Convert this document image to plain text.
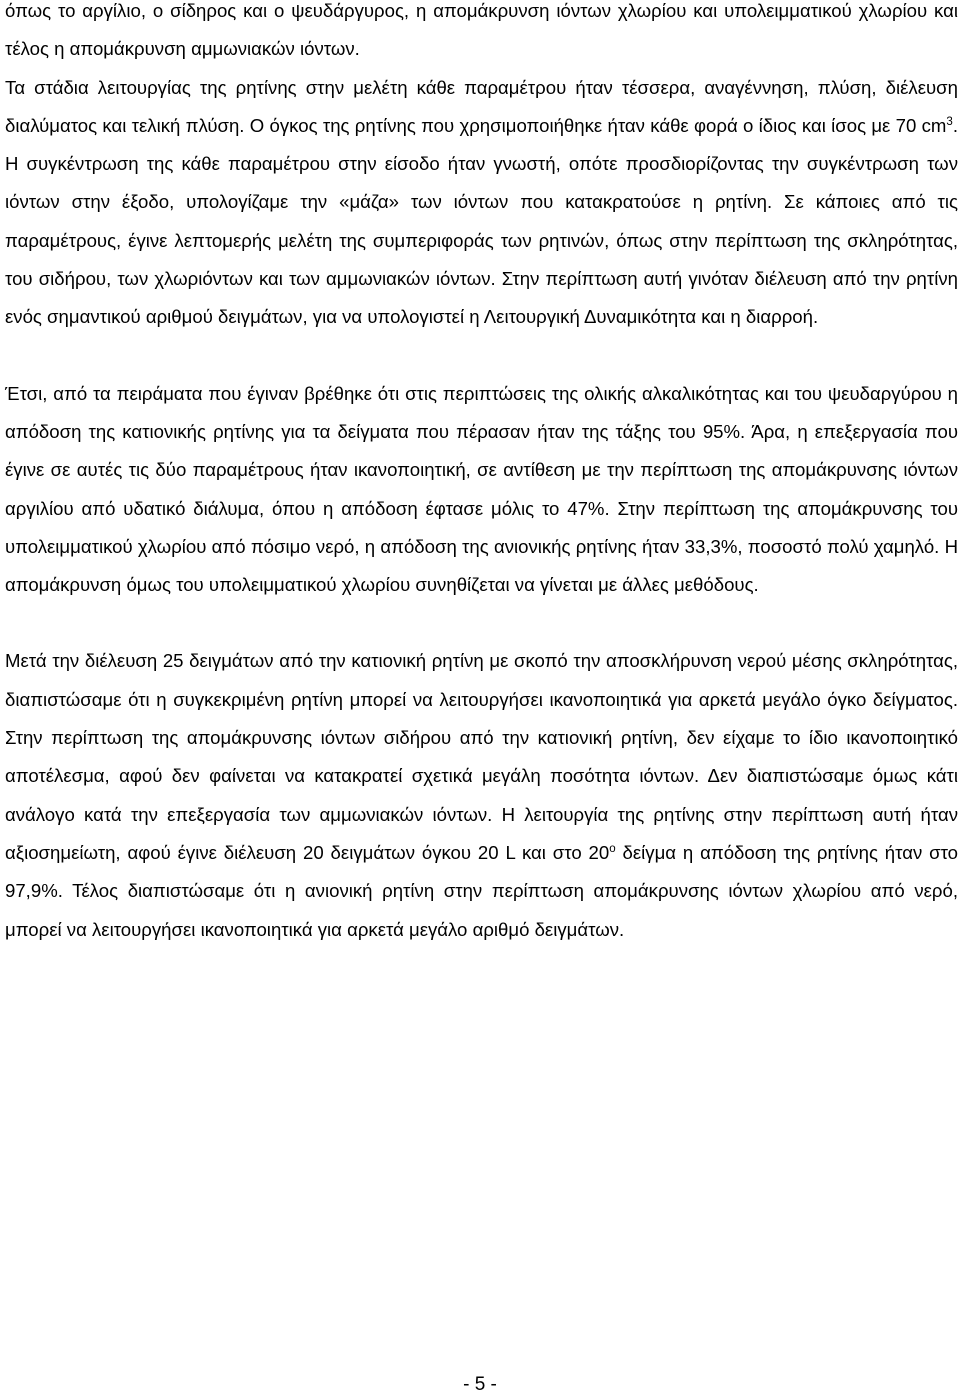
όπως το αργίλιο, ο σίδηρος και ο ψευδάργυρος, η απομάκρυνση ιόντων χλωρίου και υπολειμματικού χλωρίου και τέλος η απομάκρυνση αμμωνιακών ιόντων.

Τα στάδια λειτουργίας της ρητίνης στην μελέτη κάθε παραμέτρου ήταν τέσσερα, αναγέννηση, πλύση, διέλευση διαλύματος και τελική πλύση. Ο όγκος της ρητίνης που χρησιμοποιήθηκε ήταν κάθε φορά ο ίδιος και ίσος με 70 $cm^3$. Η συγκέντρωση της κάθε παραμέτρου στην είσοδο ήταν γνωστή, οπότε προσδιορίζοντας την συγκέντρωση των ιόντων στην έξοδο, υπολογίζαμε την «μάζα» των ιόντων που κατακρατούσε η ρητίνη. Σε κάποιες από τις παραμέτρους, έγινε λεπτομερής μελέτη της συμπεριφοράς των ρητινών, όπως στην περίπτωση της σκληρότητας, του σιδήρου, των χλωριόντων και των αμμωνιακών ιόντων. Στην περίπτωση αυτή γινόταν διέλευση από την ρητίνη ενός σημαντικού αριθμού δειγμάτων, για να υπολογιστεί η Λειτουργική Δυναμικότητα και η διαρροή.

Έτσι, από τα πειράματα που έγιναν βρέθηκε ότι στις περιπτώσεις της ολικής αλκαλικότητας και του ψευδαργύρου η απόδοση της κατιονικής ρητίνης για τα δείγματα που πέρασαν ήταν της τάξης του 95%. Άρα, η επεξεργασία που έγινε σε αυτές τις δύο παραμέτρους ήταν ικανοποιητική, σε αντίθεση με την περίπτωση της απομάκρυνσης ιόντων αργιλίου από υδατικό διάλυμα, όπου η απόδοση έφτασε μόλις το 47%. Στην περίπτωση της απομάκρυνσης του υπολειμματικού χλωρίου από πόσιμο νερό, η απόδοση της ανιονικής ρητίνης ήταν 33,3%, ποσοστό πολύ χαμηλό. Η απομάκρυνση όμως του υπολειμματικού χλωρίου συνηθίζεται να γίνεται με άλλες μεθόδους.

Μετά την διέλευση 25 δειγμάτων από την κατιονική ρητίνη με σκοπό την αποσκλήρυνση νερού μέσης σκληρότητας, διαπιστώσαμε ότι η συγκεκριμένη ρητίνη μπορεί να λειτουργήσει ικανοποιητικά για αρκετά μεγάλο όγκο δείγματος. Στην περίπτωση της απομάκρυνσης ιόντων σιδήρου από την κατιονική ρητίνη, δεν είχαμε το ίδιο ικανοποιητικό αποτέλεσμα, αφού δεν φαίνεται να κατακρατεί σχετικά μεγάλη ποσότητα ιόντων. Δεν διαπιστώσαμε όμως κάτι ανάλογο κατά την επεξεργασία των αμμωνιακών ιόντων. Η λειτουργία της ρητίνης στην περίπτωση αυτή ήταν αξιοσημείωτη, αφού έγινε διέλευση 20 δειγμάτων όγκου 20 L και στο $20^o$ δείγμα η απόδοση της ρητίνης ήταν στο 97,9%. Τέλος διαπιστώσαμε ότι η ανιονική ρητίνη στην περίπτωση απομάκρυνσης ιόντων χλωρίου από νερό, μπορεί να λειτουργήσει ικανοποιητικά για αρκετά μεγάλο αριθμό δειγμάτων.

- 5 -
